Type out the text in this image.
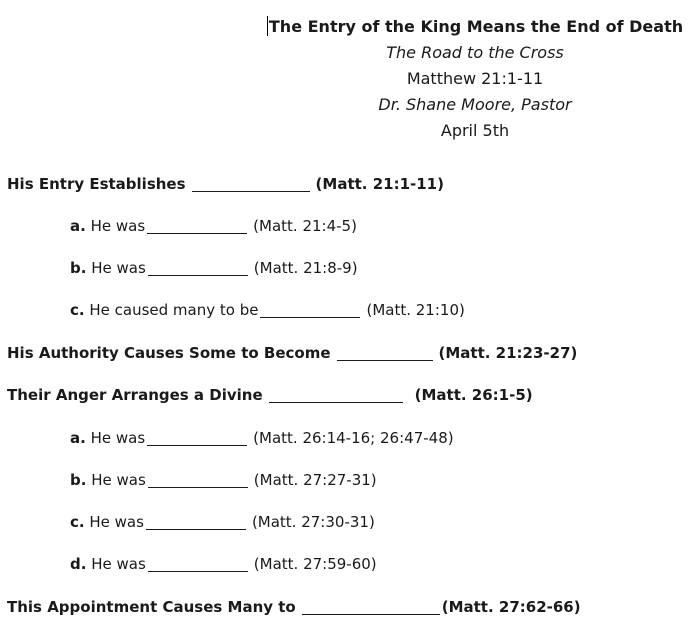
The Entry of the King Means the End of Death
The Road to the Cross
Matthew 21:1-11
Dr. Shane Moore, Pastor
April 5th
His Entry Establishes	(Matt. 21:1-11)
a. He was	(Matt. 21:4-5)
b. He was	(Matt. 21:8-9)
c. He caused many to be	(Matt. 21:10)
His Authority Causes Some to Become	(Matt. 21:23-27)
Their Anger Arranges a Divine	(Matt. 26:1-5)
a. He was	(Matt. 26:14-16; 26:47-48)
b. He was	(Matt. 27:27-31)
c. He was	(Matt. 27:30-31)
d. He was	(Matt. 27:59-60)
This Appointment Causes Many to	(Matt. 27:62-66)
